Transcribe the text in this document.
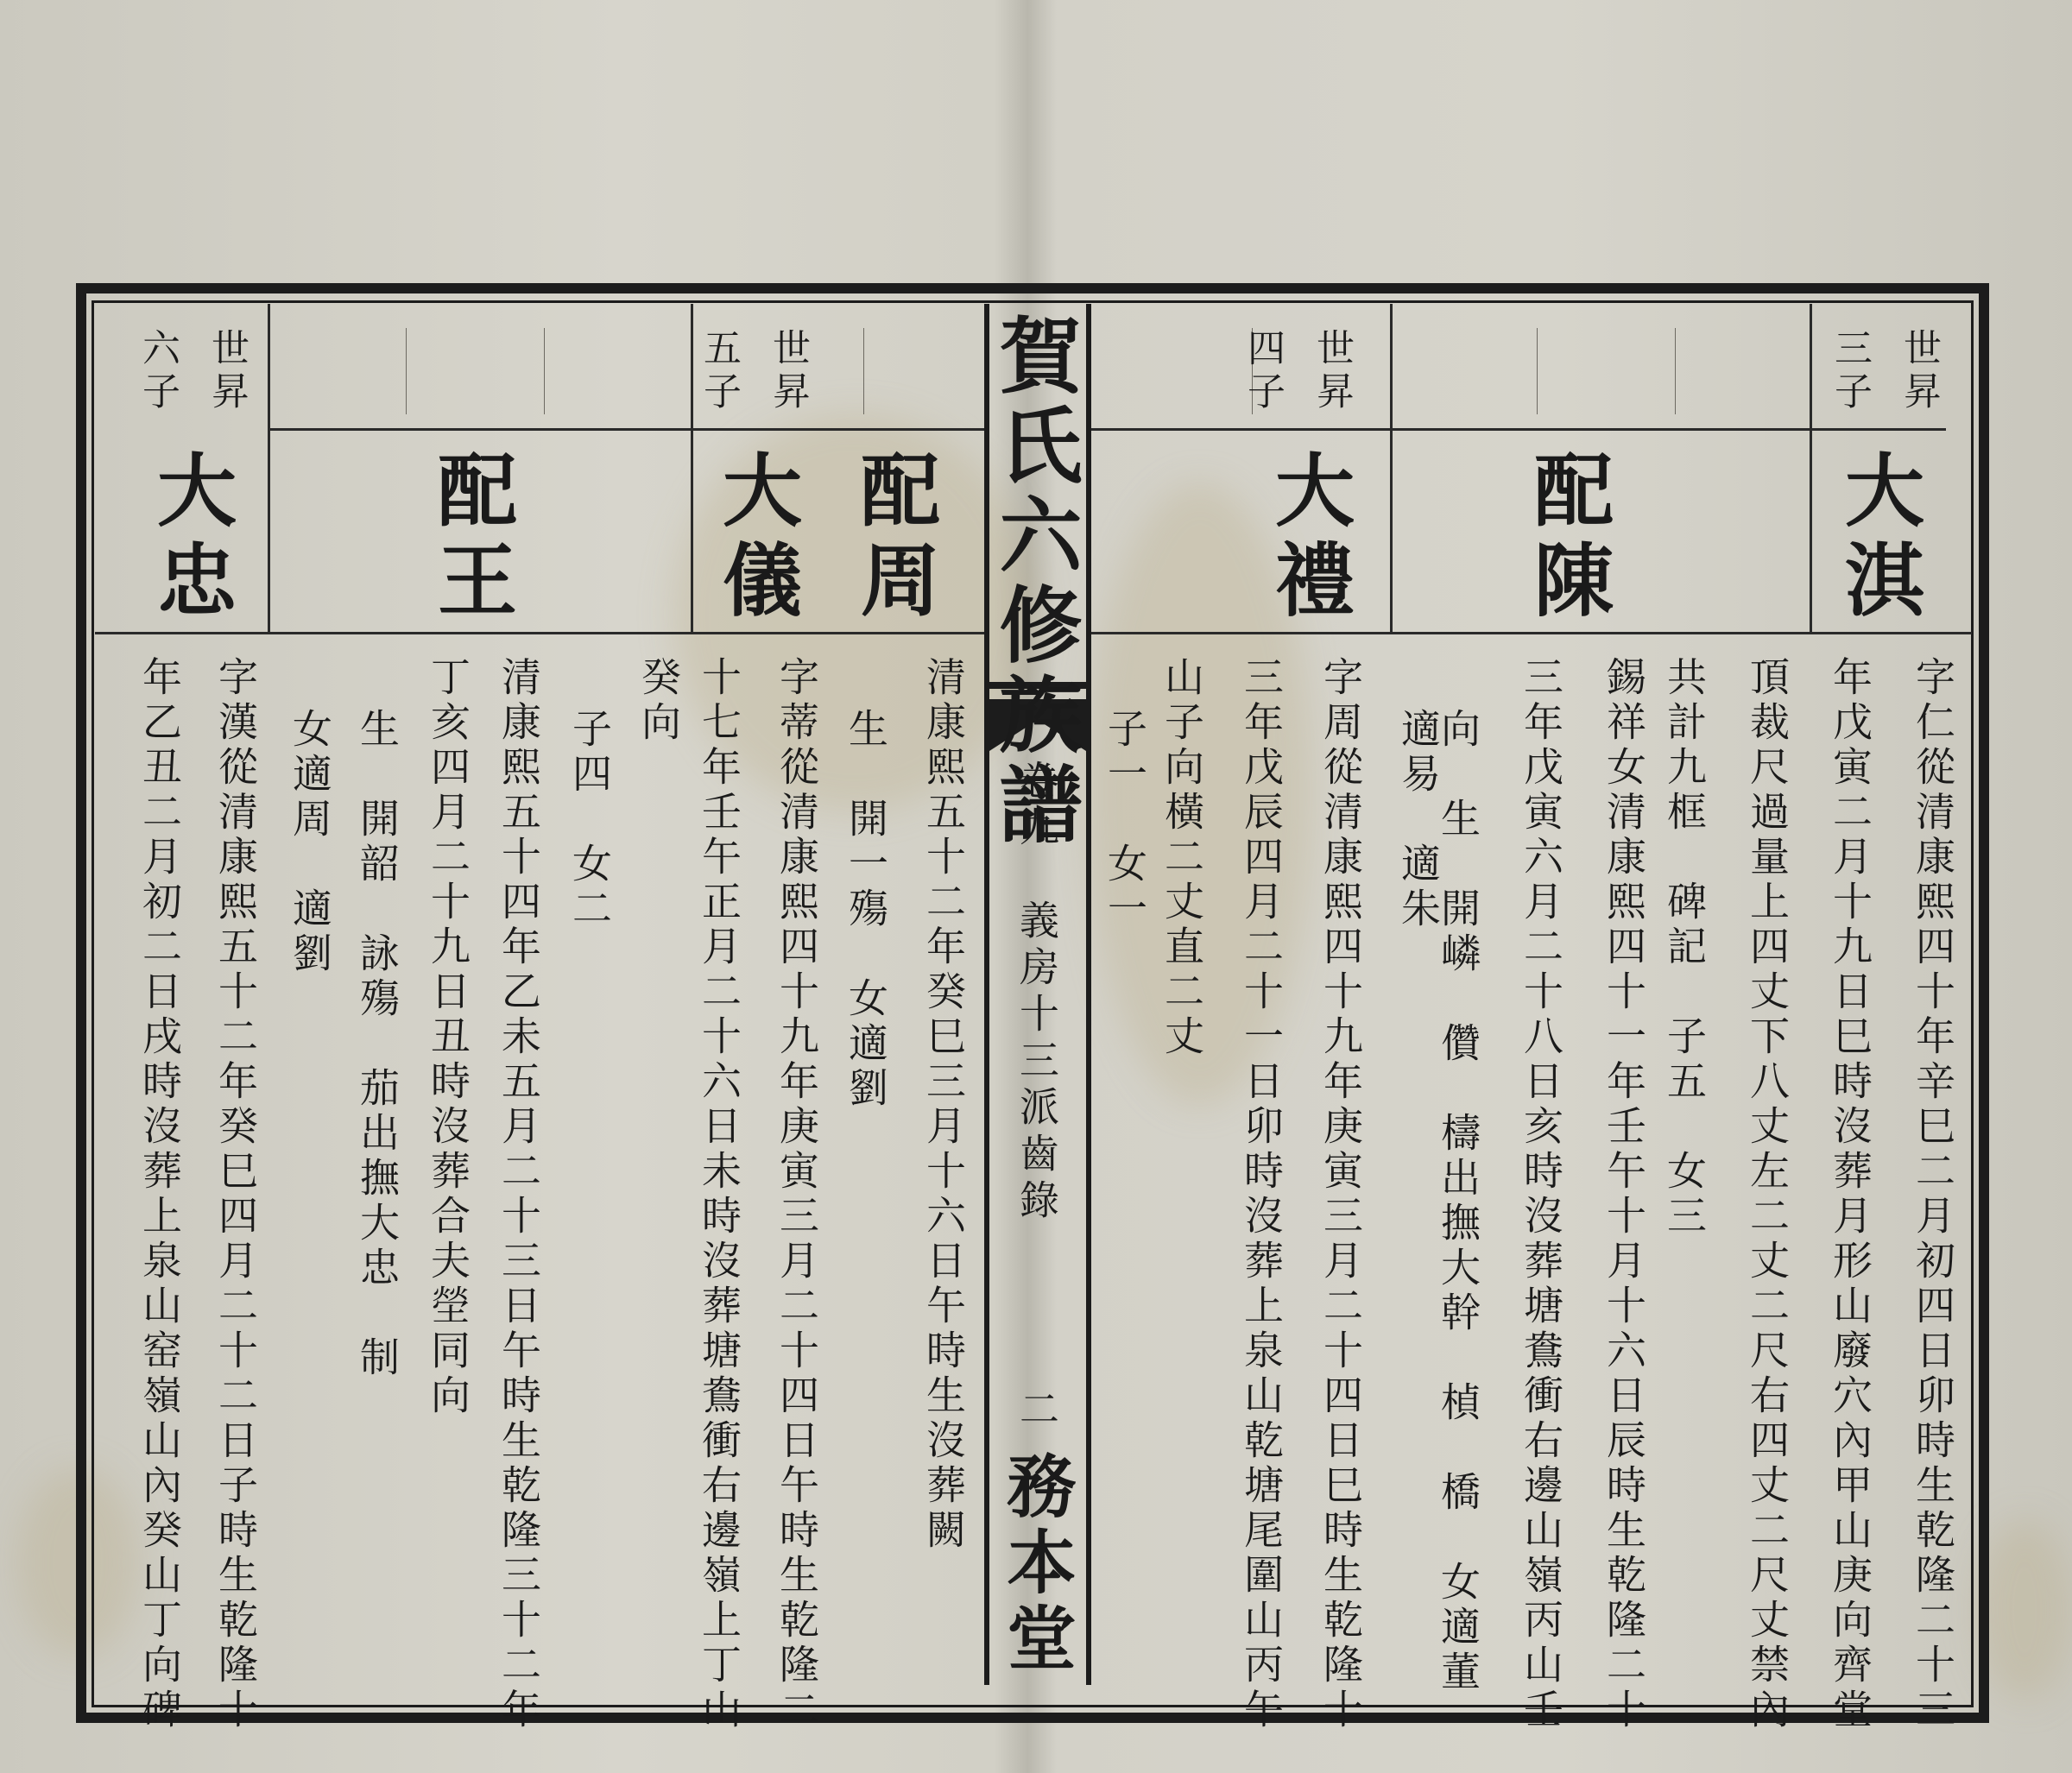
賀氏六修族譜
卷九　義房十三派齒錄
二
務本堂
世昇
三子
大淇
字仁從清康熙四十年辛巳二月初四日卯時生乾隆二十三
年戊寅二月十九日巳時沒葬月形山廢穴內甲山庚向齊堂
頂裁尺過量上四丈下八丈左二丈二尺右四丈二尺丈禁內
共計九框　碑記　子五　女三
配陳
錫祥女清康熙四十一年壬午十月十六日辰時生乾隆二十
三年戊寅六月二十八日亥時沒葬塘鴦衝右邊山嶺丙山壬
向　生　開嶙　儹　檮出撫大幹　楨　橋　女適董
適易　適朱
世昇
四子
大禮
字周從清康熙四十九年庚寅三月二十四日巳時生乾隆十
三年戊辰四月二十一日卯時沒葬上泉山乾塘尾圍山丙午
山子向橫二丈直二丈
子一　女一
配周
世昇
五子
大儀
清康熙五十二年癸巳三月十六日午時生沒葬闕
生　開一殤　女適劉
字蒂從清康熙四十九年庚寅三月二十四日午時生乾隆二
十七年壬午正月二十六日未時沒葬塘鴦衝右邊嶺上丁山
癸向
配王
子四　女二
清康熙五十四年乙未五月二十三日午時生乾隆三十二年
丁亥四月二十九日丑時沒葬合夫塋同向
生　開韶　詠殤　茄出撫大忠　制
女適周　適劉
世昇
六子
大忠
字漢從清康熙五十二年癸巳四月二十二日子時生乾隆十
年乙丑二月初二日戌時沒葬上泉山窑嶺山內癸山丁向碑
